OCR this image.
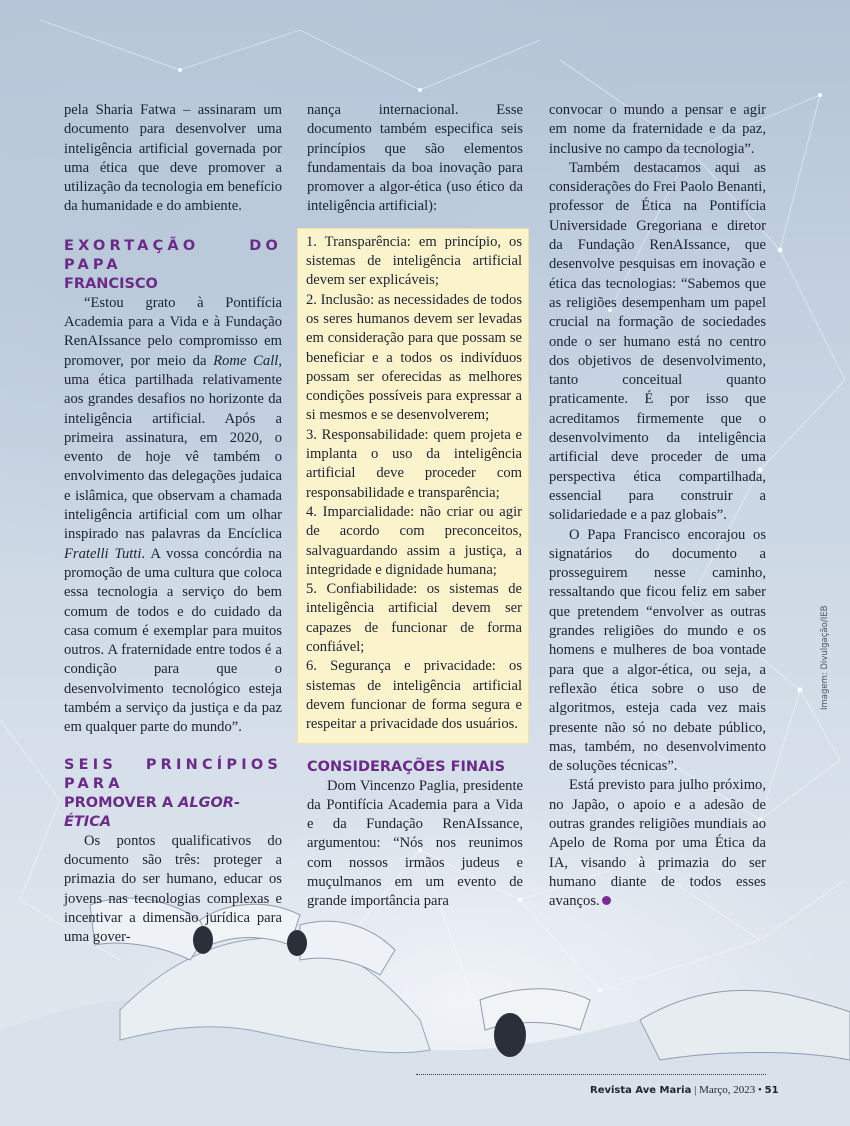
pela Sharia Fatwa – assinaram um documento para desenvolver uma inteligência artificial governada por uma ética que deve promover a utilização da tecnologia em benefício da humanidade e do ambiente.

EXORTAÇÃO DO PAPA
FRANCISCO

“Estou grato à Pontifícia Academia para a Vida e à Fundação RenAIssance pelo compromisso em promover, por meio da Rome Call, uma ética partilhada relativamente aos grandes desafios no horizonte da inteligência artificial. Após a primeira assinatura, em 2020, o evento de hoje vê também o envolvimento das delegações judaica e islâmica, que observam a chamada inteligência artificial com um olhar inspirado nas palavras da Encíclica Fratelli Tutti. A vossa concórdia na promoção de uma cultura que coloca essa tecnologia a serviço do bem comum de todos e do cuidado da casa comum é exemplar para muitos outros. A fraternidade entre todos é a condição para que o desenvolvimento tecnológico esteja também a serviço da justiça e da paz em qualquer parte do mundo”.

SEIS PRINCÍPIOS PARA
PROMOVER A ALGOR-ÉTICA

Os pontos qualificativos do documento são três: proteger a primazia do ser humano, educar os jovens nas tecnologias complexas e incentivar a dimensão jurídica para uma gover-

nança internacional. Esse documento também especifica seis princípios que são elementos fundamentais da boa inovação para promover a algor-ética (uso ético da inteligência artificial):

1. Transparência: em princípio, os sistemas de inteligência artificial devem ser explicáveis;

2. Inclusão: as necessidades de todos os seres humanos devem ser levadas em consideração para que possam se beneficiar e a todos os indivíduos possam ser oferecidas as melhores condições possíveis para expressar a si mesmos e se desenvolverem;

3. Responsabilidade: quem projeta e implanta o uso da inteligência artificial deve proceder com responsabilidade e transparência;

4. Imparcialidade: não criar ou agir de acordo com preconceitos, salvaguardando assim a justiça, a integridade e dignidade humana;

5. Confiabilidade: os sistemas de inteligência artificial devem ser capazes de funcionar de forma confiável;

6. Segurança e privacidade: os sistemas de inteligência artificial devem funcionar de forma segura e respeitar a privacidade dos usuários.

CONSIDERAÇÕES FINAIS

Dom Vincenzo Paglia, presidente da Pontifícia Academia para a Vida e da Fundação RenAIssance, argumentou: “Nós nos reunimos com nossos irmãos judeus e muçulmanos em um evento de grande importância para

convocar o mundo a pensar e agir em nome da fraternidade e da paz, inclusive no campo da tecnologia”.

Também destacamos aqui as considerações do Frei Paolo Benanti, professor de Ética na Pontifícia Universidade Gregoriana e diretor da Fundação RenAIssance, que desenvolve pesquisas em inovação e ética das tecnologias: “Sabemos que as religiões desempenham um papel crucial na formação de sociedades onde o ser humano está no centro dos objetivos de desenvolvimento, tanto conceitual quanto praticamente. É por isso que acreditamos firmemente que o desenvolvimento da inteligência artificial deve proceder de uma perspectiva ética compartilhada, essencial para construir a solidariedade e a paz globais”.

O Papa Francisco encorajou os signatários do documento a prosseguirem nesse caminho, ressaltando que ficou feliz em saber que pretendem “envolver as outras grandes religiões do mundo e os homens e mulheres de boa vontade para que a algor-ética, ou seja, a reflexão ética sobre o uso de algoritmos, esteja cada vez mais presente não só no debate público, mas, também, no desenvolvimento de soluções técnicas”.

Está previsto para julho próximo, no Japão, o apoio e a adesão de outras grandes religiões mundiais ao Apelo de Roma por uma Ética da IA, visando à primazia do ser humano diante de todos esses avanços.

Imagem: Divulgação/IEB
Revista Ave Maria | Março, 2023 • 51
